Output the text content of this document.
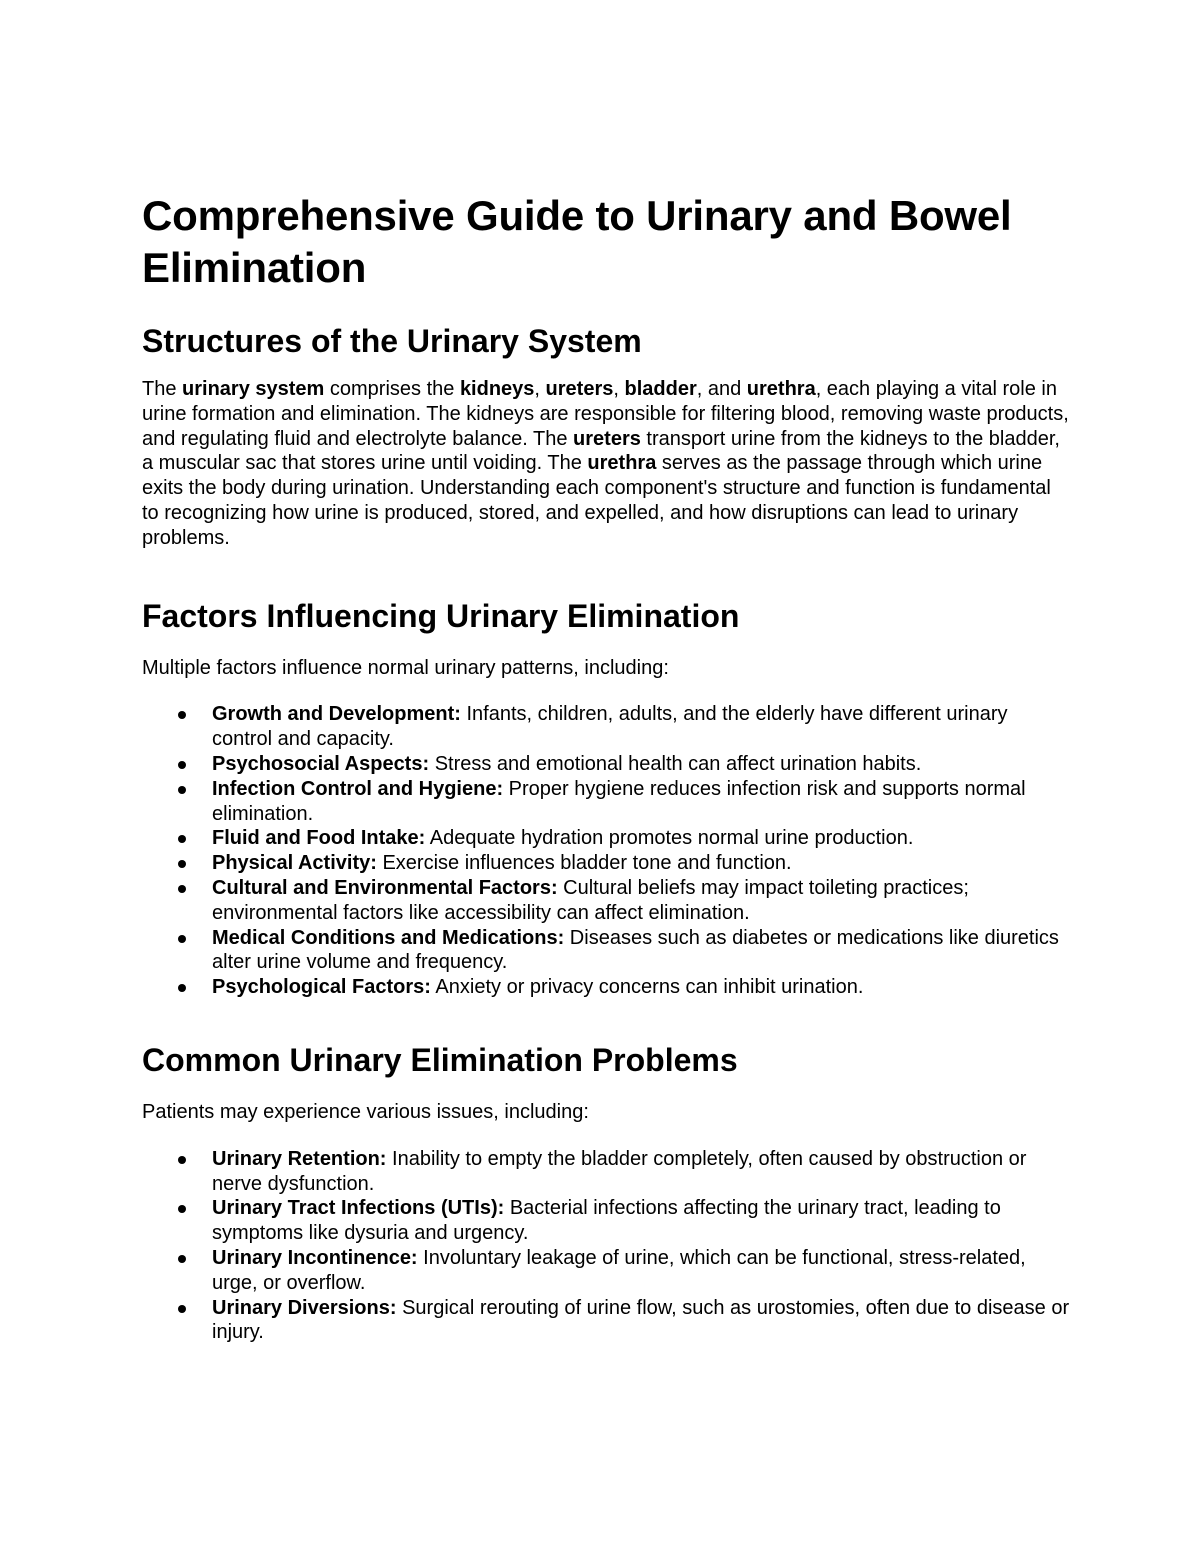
Comprehensive Guide to Urinary and Bowel Elimination
Structures of the Urinary System

The urinary system comprises the kidneys, ureters, bladder, and urethra, each playing a vital role in urine formation and elimination. The kidneys are responsible for filtering blood, removing waste products, and regulating fluid and electrolyte balance. The ureters transport urine from the kidneys to the bladder, a muscular sac that stores urine until voiding. The urethra serves as the passage through which urine exits the body during urination. Understanding each component's structure and function is fundamental to recognizing how urine is produced, stored, and expelled, and how disruptions can lead to urinary problems.

Factors Influencing Urinary Elimination

Multiple factors influence normal urinary patterns, including:

Growth and Development: Infants, children, adults, and the elderly have different urinary control and capacity.
Psychosocial Aspects: Stress and emotional health can affect urination habits.
Infection Control and Hygiene: Proper hygiene reduces infection risk and supports normal elimination.
Fluid and Food Intake: Adequate hydration promotes normal urine production.
Physical Activity: Exercise influences bladder tone and function.
Cultural and Environmental Factors: Cultural beliefs may impact toileting practices; environmental factors like accessibility can affect elimination.
Medical Conditions and Medications: Diseases such as diabetes or medications like diuretics alter urine volume and frequency.
Psychological Factors: Anxiety or privacy concerns can inhibit urination.
Common Urinary Elimination Problems

Patients may experience various issues, including:

Urinary Retention: Inability to empty the bladder completely, often caused by obstruction or nerve dysfunction.
Urinary Tract Infections (UTIs): Bacterial infections affecting the urinary tract, leading to symptoms like dysuria and urgency.
Urinary Incontinence: Involuntary leakage of urine, which can be functional, stress-related, urge, or overflow.
Urinary Diversions: Surgical rerouting of urine flow, such as urostomies, often due to disease or injury.
